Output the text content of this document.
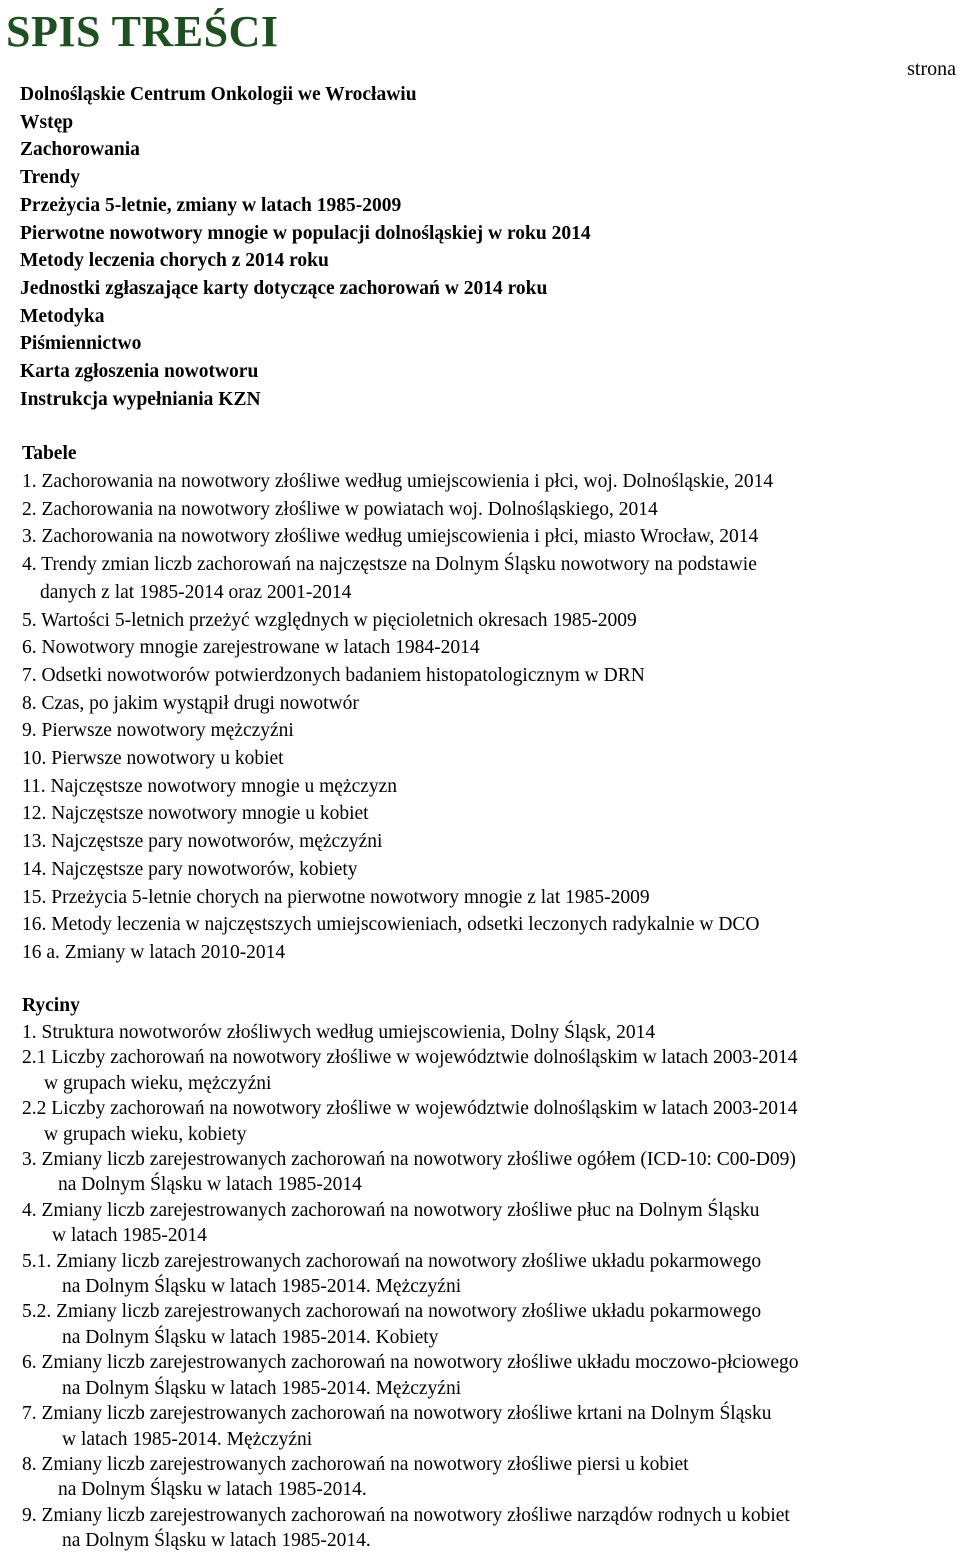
SPIS TREŚCI
strona
Dolnośląskie Centrum Onkologii we Wrocławiu
Wstęp
Zachorowania
Trendy
Przeżycia 5-letnie, zmiany w latach 1985-2009
Pierwotne nowotwory mnogie w populacji dolnośląskiej w roku 2014
Metody leczenia chorych z 2014 roku
Jednostki zgłaszające karty dotyczące zachorowań w 2014 roku
Metodyka
Piśmiennictwo
Karta zgłoszenia nowotworu
Instrukcja wypełniania KZN
Tabele
1. Zachorowania na nowotwory złośliwe według umiejscowienia i płci, woj. Dolnośląskie, 2014
2. Zachorowania na nowotwory złośliwe w powiatach woj. Dolnośląskiego, 2014
3. Zachorowania na nowotwory złośliwe według umiejscowienia i płci, miasto Wrocław, 2014
4. Trendy zmian liczb zachorowań na najczęstsze na Dolnym Śląsku nowotwory na podstawie
danych z lat 1985-2014 oraz 2001-2014
5. Wartości 5-letnich przeżyć względnych w pięcioletnich okresach 1985-2009
6. Nowotwory mnogie zarejestrowane w latach 1984-2014
7. Odsetki nowotworów potwierdzonych badaniem histopatologicznym w DRN
8. Czas, po jakim wystąpił drugi nowotwór
9. Pierwsze nowotwory mężczyźni
10. Pierwsze nowotwory u kobiet
11. Najczęstsze nowotwory mnogie u mężczyzn
12. Najczęstsze nowotwory mnogie u kobiet
13. Najczęstsze pary nowotworów, mężczyźni
14. Najczęstsze pary nowotworów, kobiety
15. Przeżycia 5-letnie chorych na pierwotne nowotwory mnogie z lat 1985-2009
16. Metody leczenia w najczęstszych umiejscowieniach, odsetki leczonych radykalnie w DCO
16 a. Zmiany w latach 2010-2014
Ryciny
1. Struktura nowotworów złośliwych według umiejscowienia, Dolny Śląsk, 2014
2.1 Liczby zachorowań na nowotwory złośliwe w województwie dolnośląskim w latach 2003-2014
w grupach wieku, mężczyźni
2.2 Liczby zachorowań na nowotwory złośliwe w województwie dolnośląskim w latach 2003-2014
w grupach wieku, kobiety
3. Zmiany liczb zarejestrowanych zachorowań na nowotwory złośliwe ogółem (ICD-10: C00-D09)
na Dolnym Śląsku w latach 1985-2014
4. Zmiany liczb zarejestrowanych zachorowań na nowotwory złośliwe płuc na Dolnym Śląsku
w latach 1985-2014
5.1. Zmiany liczb zarejestrowanych zachorowań na nowotwory złośliwe układu pokarmowego
na Dolnym Śląsku w latach 1985-2014. Mężczyźni
5.2. Zmiany liczb zarejestrowanych zachorowań na nowotwory złośliwe układu pokarmowego
na Dolnym Śląsku w latach 1985-2014. Kobiety
6. Zmiany liczb zarejestrowanych zachorowań na nowotwory złośliwe układu moczowo-płciowego
na Dolnym Śląsku w latach 1985-2014. Mężczyźni
7. Zmiany liczb zarejestrowanych zachorowań na nowotwory złośliwe krtani na Dolnym Śląsku
w latach 1985-2014. Mężczyźni
8. Zmiany liczb zarejestrowanych zachorowań na nowotwory złośliwe piersi u kobiet
na Dolnym Śląsku w latach 1985-2014.
9. Zmiany liczb zarejestrowanych zachorowań na nowotwory złośliwe narządów rodnych u kobiet
na Dolnym Śląsku w latach 1985-2014.
